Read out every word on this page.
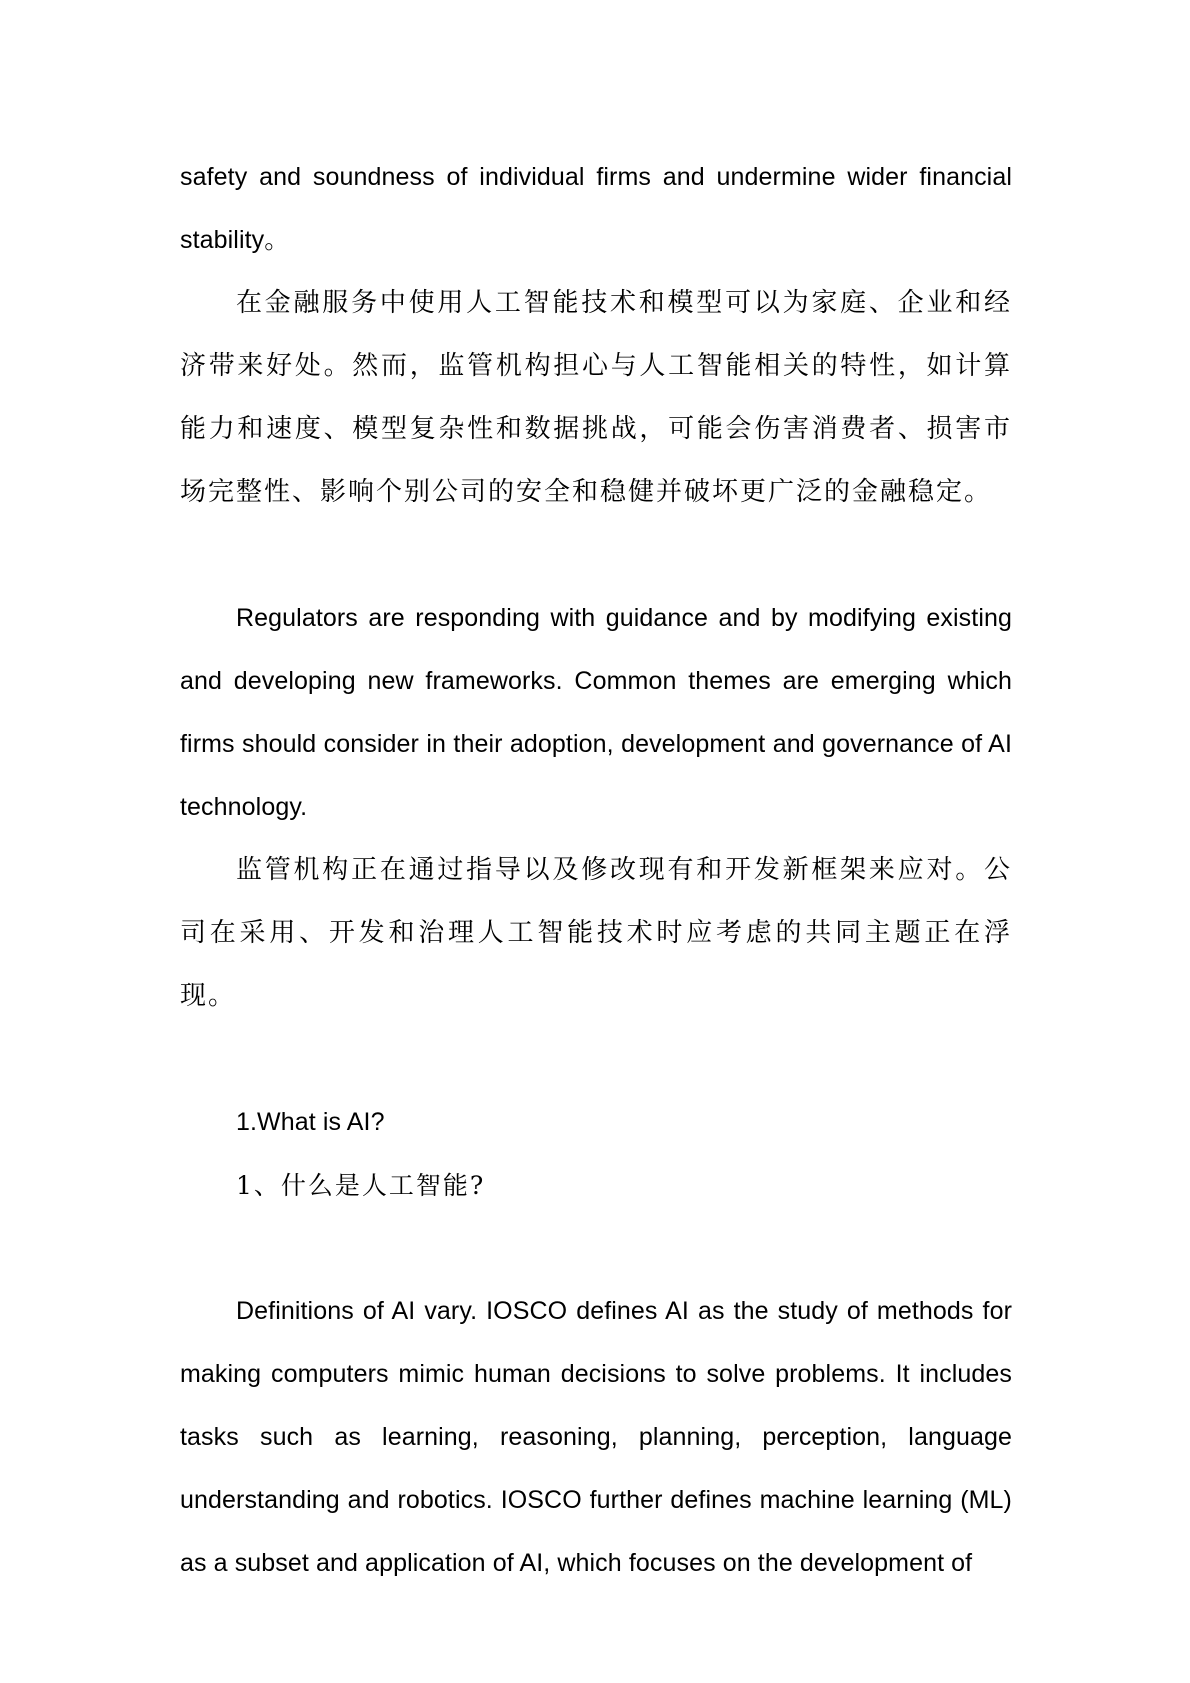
safety and soundness of individual firms and undermine wider financial stability。

在金融服务中使用人工智能技术和模型可以为家庭、企业和经济带来好处。然而，监管机构担心与人工智能相关的特性，如计算能力和速度、模型复杂性和数据挑战，可能会伤害消费者、损害市场完整性、影响个别公司的安全和稳健并破坏更广泛的金融稳定。

Regulators are responding with guidance and by modifying existing and developing new frameworks. Common themes are emerging which firms should consider in their adoption, development and governance of AI technology.

监管机构正在通过指导以及修改现有和开发新框架来应对。公司在采用、开发和治理人工智能技术时应考虑的共同主题正在浮现。

1.What is AI?

1、什么是人工智能?

Definitions of AI vary. IOSCO defines AI as the study of methods for making computers mimic human decisions to solve problems. It includes tasks such as learning, reasoning, planning, perception, language understanding and robotics. IOSCO further defines machine learning (ML) as a subset and application of AI, which focuses on the development of
